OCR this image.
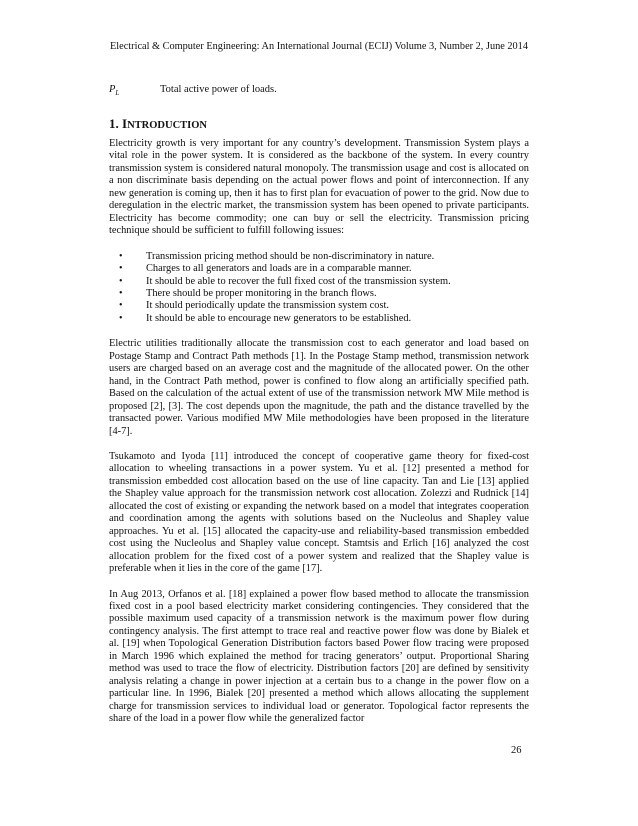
Electrical & Computer Engineering: An International Journal (ECIJ) Volume 3, Number 2, June 2014
$P_L$	Total active power of loads.
1. INTRODUCTION

Electricity growth is very important for any country’s development. Transmission System plays a vital role in the power system. It is considered as the backbone of the system. In every country transmission system is considered natural monopoly. The transmission usage and cost is allocated on a non discriminate basis depending on the actual power flows and point of interconnection. If any new generation is coming up, then it has to first plan for evacuation of power to the grid. Now due to deregulation in the electric market, the transmission system has been opened to private participants. Electricity has become commodity; one can buy or sell the electricity. Transmission pricing technique should be sufficient to fulfill following issues:

• Transmission pricing method should be non-discriminatory in nature.
• Charges to all generators and loads are in a comparable manner.
• It should be able to recover the full fixed cost of the transmission system.
• There should be proper monitoring in the branch flows.
• It should periodically update the transmission system cost.
• It should be able to encourage new generators to be established.

Electric utilities traditionally allocate the transmission cost to each generator and load based on Postage Stamp and Contract Path methods [1]. In the Postage Stamp method, transmission network users are charged based on an average cost and the magnitude of the allocated power. On the other hand, in the Contract Path method, power is confined to flow along an artificially specified path. Based on the calculation of the actual extent of use of the transmission network MW Mile method is proposed [2], [3]. The cost depends upon the magnitude, the path and the distance travelled by the transacted power. Various modified MW Mile methodologies have been proposed in the literature [4-7].

Tsukamoto and Iyoda [11] introduced the concept of cooperative game theory for fixed-cost allocation to wheeling transactions in a power system. Yu et al. [12] presented a method for transmission embedded cost allocation based on the use of line capacity. Tan and Lie [13] applied the Shapley value approach for the transmission network cost allocation. Zolezzi and Rudnick [14] allocated the cost of existing or expanding the network based on a model that integrates cooperation and coordination among the agents with solutions based on the Nucleolus and Shapley value approaches. Yu et al. [15] allocated the capacity-use and reliability-based transmission embedded cost using the Nucleolus and Shapley value concept. Stamtsis and Erlich [16] analyzed the cost allocation problem for the fixed cost of a power system and realized that the Shapley value is preferable when it lies in the core of the game [17].

In Aug 2013, Orfanos et al. [18] explained a power flow based method to allocate the transmission fixed cost in a pool based electricity market considering contingencies. They considered that the possible maximum used capacity of a transmission network is the maximum power flow during contingency analysis. The first attempt to trace real and reactive power flow was done by Bialek et al. [19] when Topological Generation Distribution factors based Power flow tracing were proposed in March 1996 which explained the method for tracing generators’ output. Proportional Sharing method was used to trace the flow of electricity. Distribution factors [20] are defined by sensitivity analysis relating a change in power injection at a certain bus to a change in the power flow on a particular line. In 1996, Bialek [20] presented a method which allows allocating the supplement charge for transmission services to individual load or generator. Topological factor represents the share of the load in a power flow while the generalized factor

26
